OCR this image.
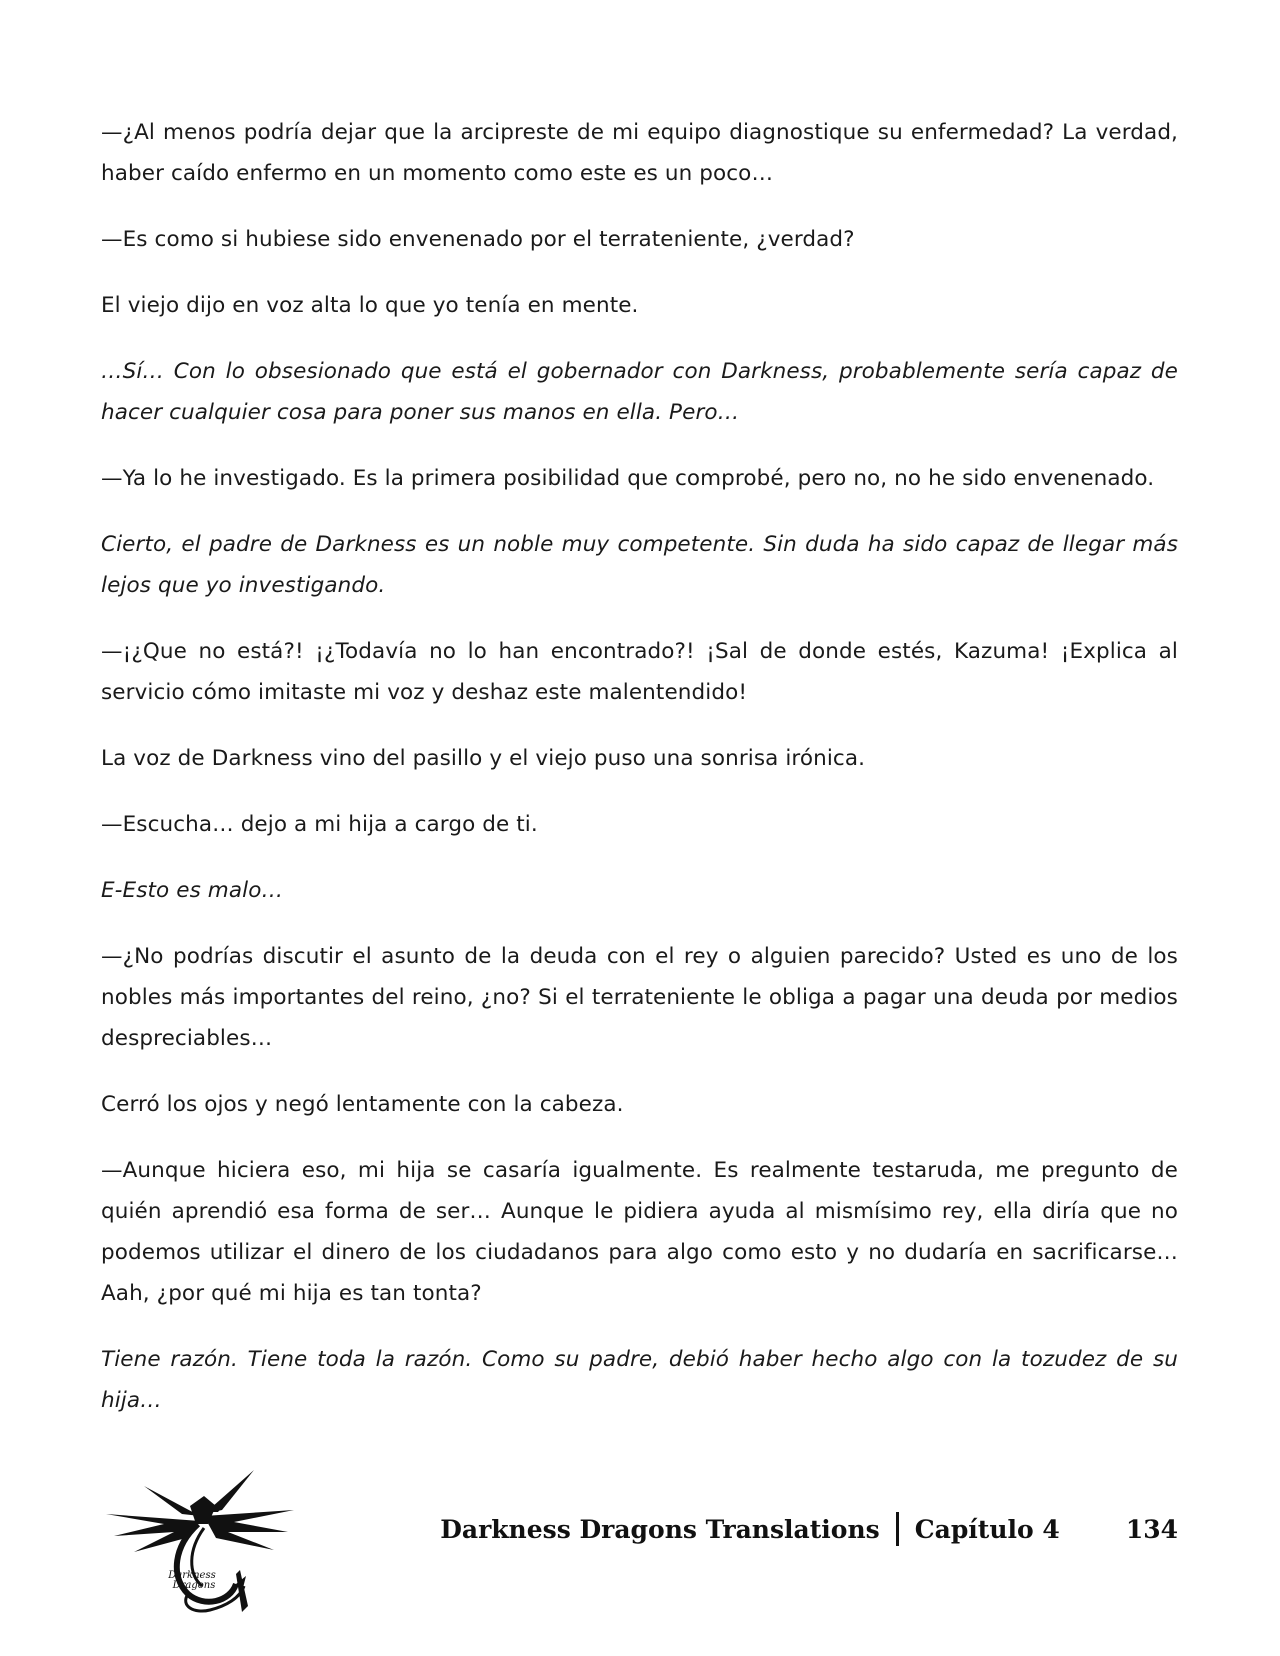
—¿Al menos podría dejar que la arcipreste de mi equipo diagnostique su enfermedad? La verdad, haber caído enfermo en un momento como este es un poco…

—Es como si hubiese sido envenenado por el terrateniente, ¿verdad?

El viejo dijo en voz alta lo que yo tenía en mente.

…Sí… Con lo obsesionado que está el gobernador con Darkness, probablemente sería capaz de hacer cualquier cosa para poner sus manos en ella. Pero…

—Ya lo he investigado. Es la primera posibilidad que comprobé, pero no, no he sido envenenado.

Cierto, el padre de Darkness es un noble muy competente. Sin duda ha sido capaz de llegar más lejos que yo investigando.

—¡¿Que no está?! ¡¿Todavía no lo han encontrado?! ¡Sal de donde estés, Kazuma! ¡Explica al servicio cómo imitaste mi voz y deshaz este malentendido!

La voz de Darkness vino del pasillo y el viejo puso una sonrisa irónica.

—Escucha… dejo a mi hija a cargo de ti.

E-Esto es malo…

—¿No podrías discutir el asunto de la deuda con el rey o alguien parecido? Usted es uno de los nobles más importantes del reino, ¿no? Si el terrateniente le obliga a pagar una deuda por medios despreciables…

Cerró los ojos y negó lentamente con la cabeza.

—Aunque hiciera eso, mi hija se casaría igualmente. Es realmente testaruda, me pregunto de quién aprendió esa forma de ser… Aunque le pidiera ayuda al mismísimo rey, ella diría que no podemos utilizar el dinero de los ciudadanos para algo como esto y no dudaría en sacrificarse… Aah, ¿por qué mi hija es tan tonta?

Tiene razón. Tiene toda la razón. Como su padre, debió haber hecho algo con la tozudez de su hija…

Darkness
Dragons
Darkness Dragons Translations Capítulo 4	134
